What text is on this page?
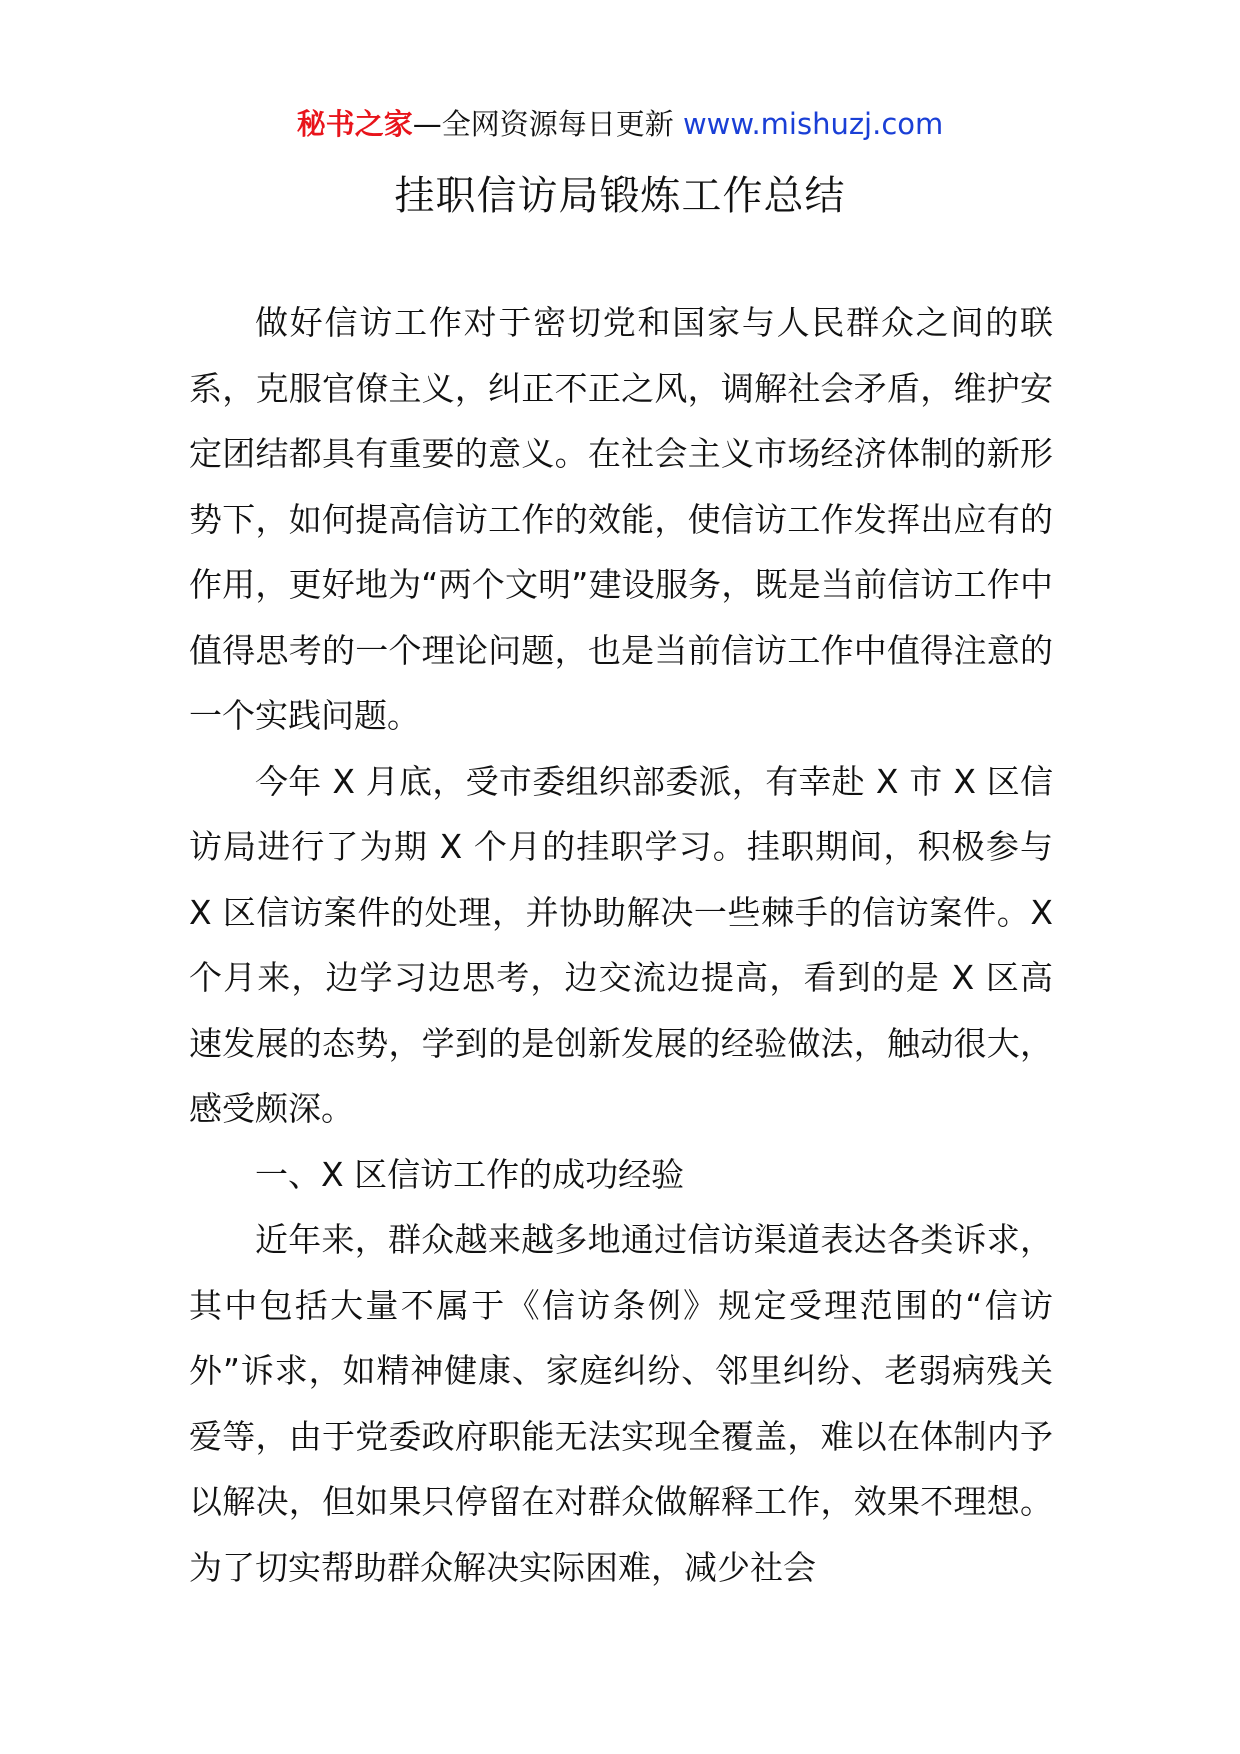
秘书之家—全网资源每日更新 www.mishuzj.com
挂职信访局锻炼工作总结

做好信访工作对于密切党和国家与人民群众之间的联系，克服官僚主义，纠正不正之风，调解社会矛盾，维护安定团结都具有重要的意义。在社会主义市场经济体制的新形势下，如何提高信访工作的效能，使信访工作发挥出应有的作用，更好地为“两个文明”建设服务，既是当前信访工作中值得思考的一个理论问题，也是当前信访工作中值得注意的一个实践问题。

今年 X 月底，受市委组织部委派，有幸赴 X 市 X 区信访局进行了为期 X 个月的挂职学习。挂职期间，积极参与 X 区信访案件的处理，并协助解决一些棘手的信访案件。X 个月来，边学习边思考，边交流边提高，看到的是 X 区高速发展的态势，学到的是创新发展的经验做法，触动很大，感受颇深。

一、X 区信访工作的成功经验

近年来，群众越来越多地通过信访渠道表达各类诉求，其中包括大量不属于《信访条例》规定受理范围的“信访外”诉求，如精神健康、家庭纠纷、邻里纠纷、老弱病残关爱等，由于党委政府职能无法实现全覆盖，难以在体制内予以解决，但如果只停留在对群众做解释工作，效果不理想。为了切实帮助群众解决实际困难，减少社会
